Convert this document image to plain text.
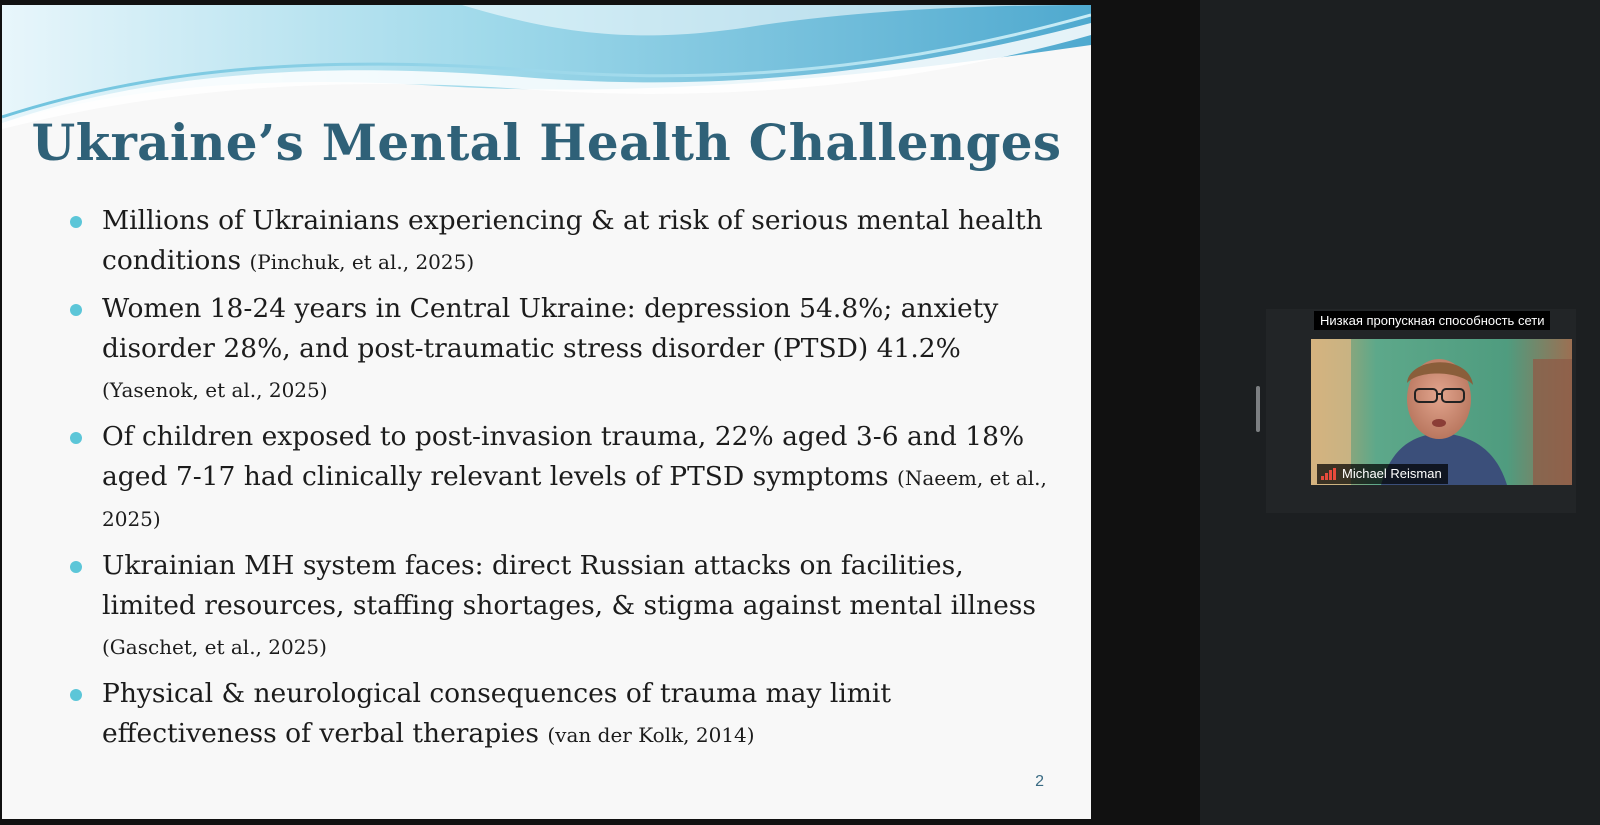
Ukraine’s Mental Health Challenges
Millions of Ukrainians experiencing & at risk of serious mental health conditions (Pinchuk, et al., 2025)
Women 18-24 years in Central Ukraine: depression 54.8%; anxiety disorder 28%, and post-traumatic stress disorder (PTSD) 41.2% (Yasenok, et al., 2025)
Of children exposed to post-invasion trauma, 22% aged 3-6 and 18% aged 7-17 had clinically relevant levels of PTSD symptoms (Naeem, et al., 2025)
Ukrainian MH system faces: direct Russian attacks on facilities, limited resources, staffing shortages, & stigma against mental illness (Gaschet, et al., 2025)
Physical & neurological consequences of trauma may limit effectiveness of verbal therapies (van der Kolk, 2014)
2
Низкая пропускная способность сети
Michael Reisman
